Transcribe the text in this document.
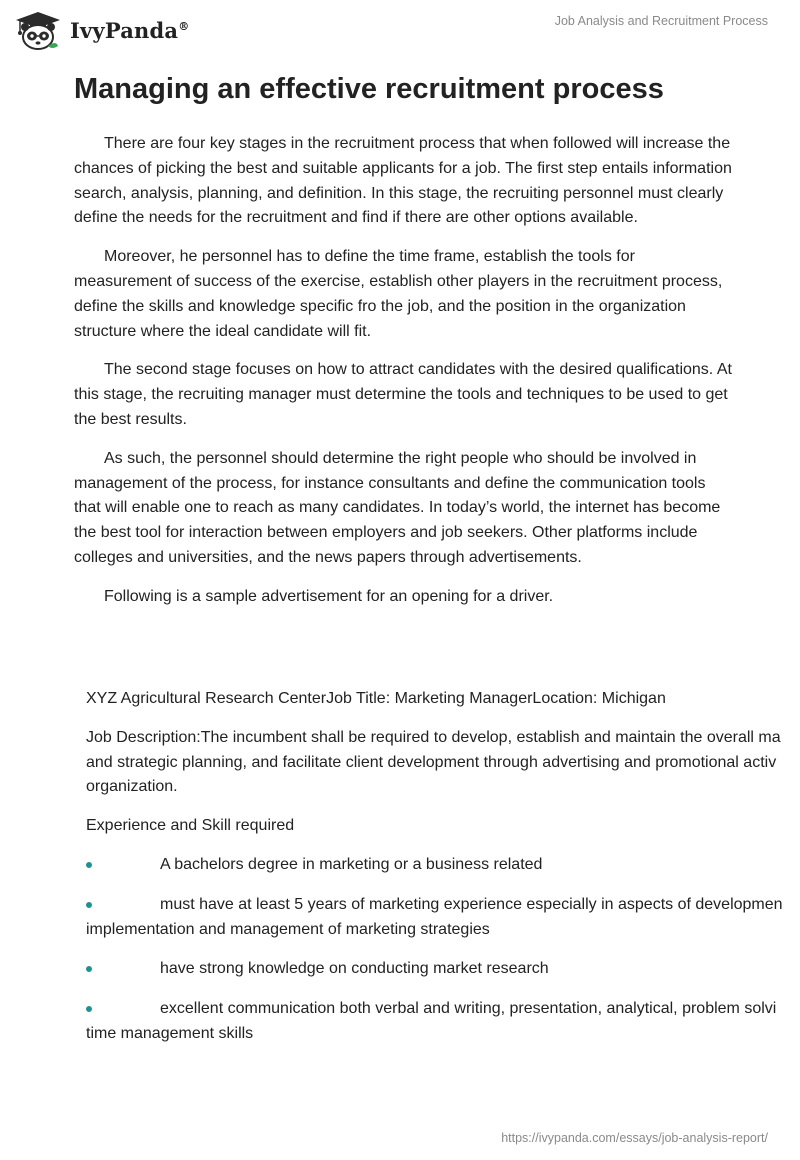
IvyPanda®	Job Analysis and Recruitment Process
Managing an effective recruitment process

There are four key stages in the recruitment process that when followed will increase the chances of picking the best and suitable applicants for a job. The first step entails information search, analysis, planning, and definition. In this stage, the recruiting personnel must clearly define the needs for the recruitment and find if there are other options available.

Moreover, he personnel has to define the time frame, establish the tools for measurement of success of the exercise, establish other players in the recruitment process, define the skills and knowledge specific fro the job, and the position in the organization structure where the ideal candidate will fit.

The second stage focuses on how to attract candidates with the desired qualifications. At this stage, the recruiting manager must determine the tools and techniques to be used to get the best results.

As such, the personnel should determine the right people who should be involved in management of the process, for instance consultants and define the communication tools that will enable one to reach as many candidates. In today’s world, the internet has become the best tool for interaction between employers and job seekers. Other platforms include colleges and universities, and the news papers through advertisements.

Following is a sample advertisement for an opening for a driver.

XYZ Agricultural Research CenterJob Title: Marketing ManagerLocation: Michigan

Job Description:The incumbent shall be required to develop, establish and maintain the overall ma
and strategic planning, and facilitate client development through advertising and promotional activ
organization.

Experience and Skill required

A bachelors degree in marketing or a business related
must have at least 5 years of marketing experience especially in aspects of developmen
implementation and management of marketing strategies
have strong knowledge on conducting market research
excellent communication both verbal and writing, presentation, analytical, problem solvi
time management skills
https://ivypanda.com/essays/job-analysis-report/
